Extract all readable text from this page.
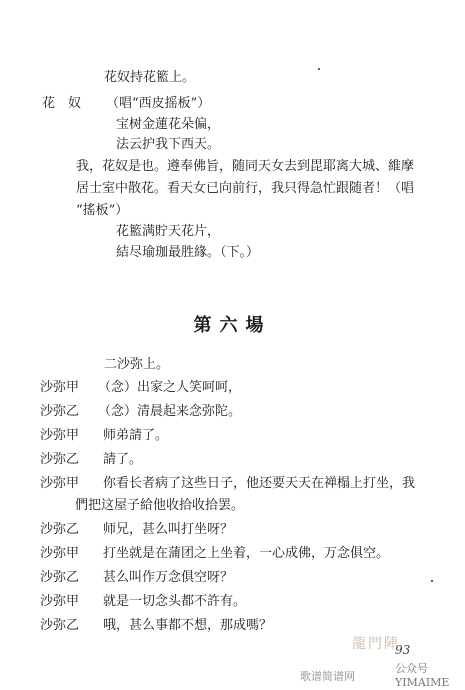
花奴持花籃上。
花　奴 （唱“西皮摇板”）
宝树金蓮花朵偏，
法云护我下西天。
我，花奴是也。遵奉佛旨，随同天女去到毘耶离大城、維摩
居士室中散花。看天女已向前行，我只得急忙跟随者！（唱
“搖板”）
花籃满貯天花片，
結尽瑜珈最胜緣。（下。）
第六場
二沙弥上。
沙弥甲 （念）出家之人笑呵呵，
沙弥乙 （念）清晨起来念弥陀。
沙弥甲 师弟請了。
沙弥乙 請了。
沙弥甲 你看长者病了这些日子，他还要天天在禅榻上打坐，我
們把这屋子給他收拾收拾罢。
沙弥乙 师兄，甚么叫打坐呀？
沙弥甲 打坐就是在蒲团之上坐着，一心成佛，万念俱空。
沙弥乙 甚么叫作万念俱空呀？
沙弥甲 就是一切念头都不許有。
沙弥乙 哦，甚么事都不想，那成嗎？
龍門陣
93
公众号YIMAIME
歌谱简谱网
